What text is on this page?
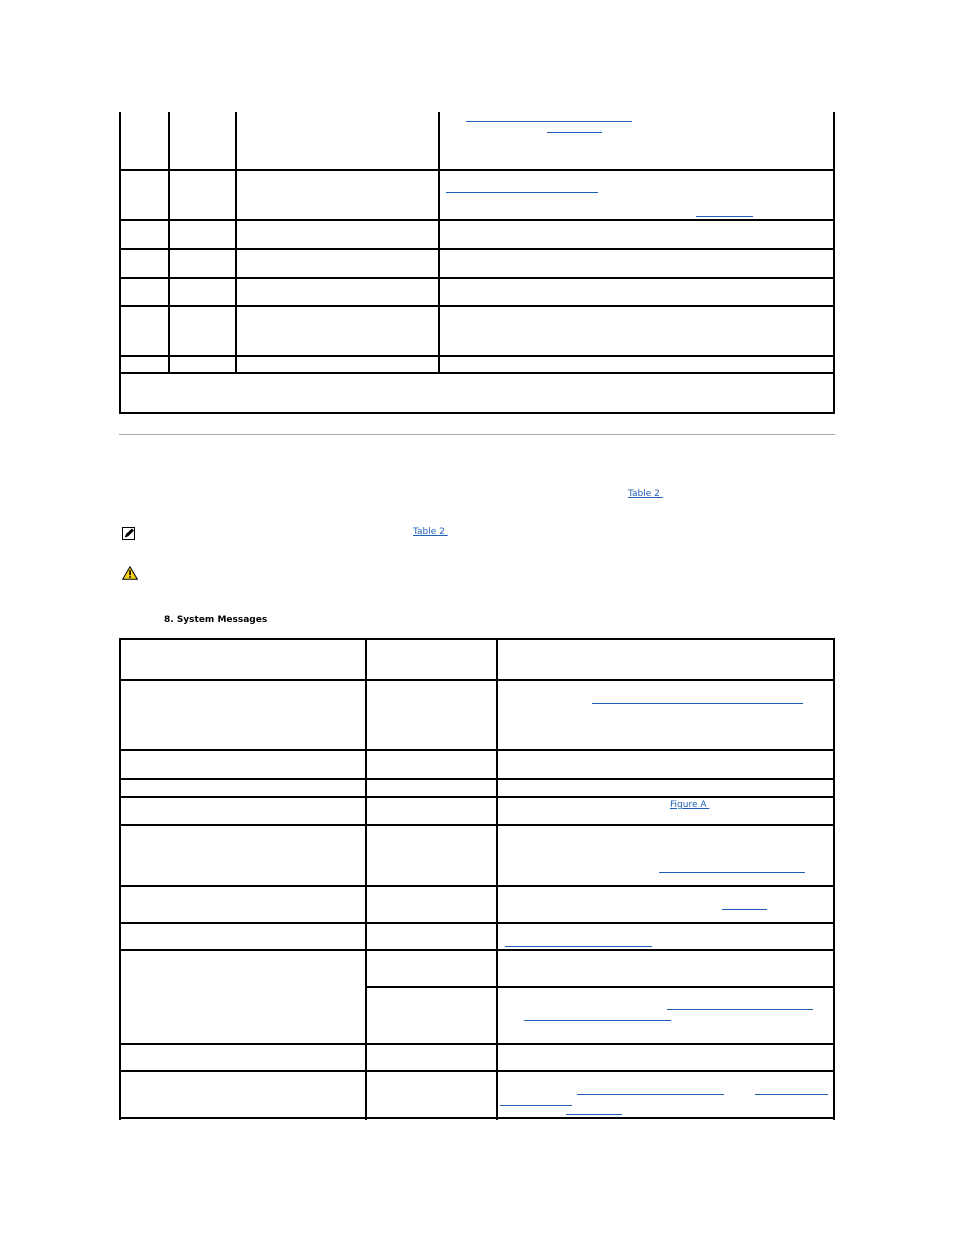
Table 2
Table 2
8. System Messages
Figure A
